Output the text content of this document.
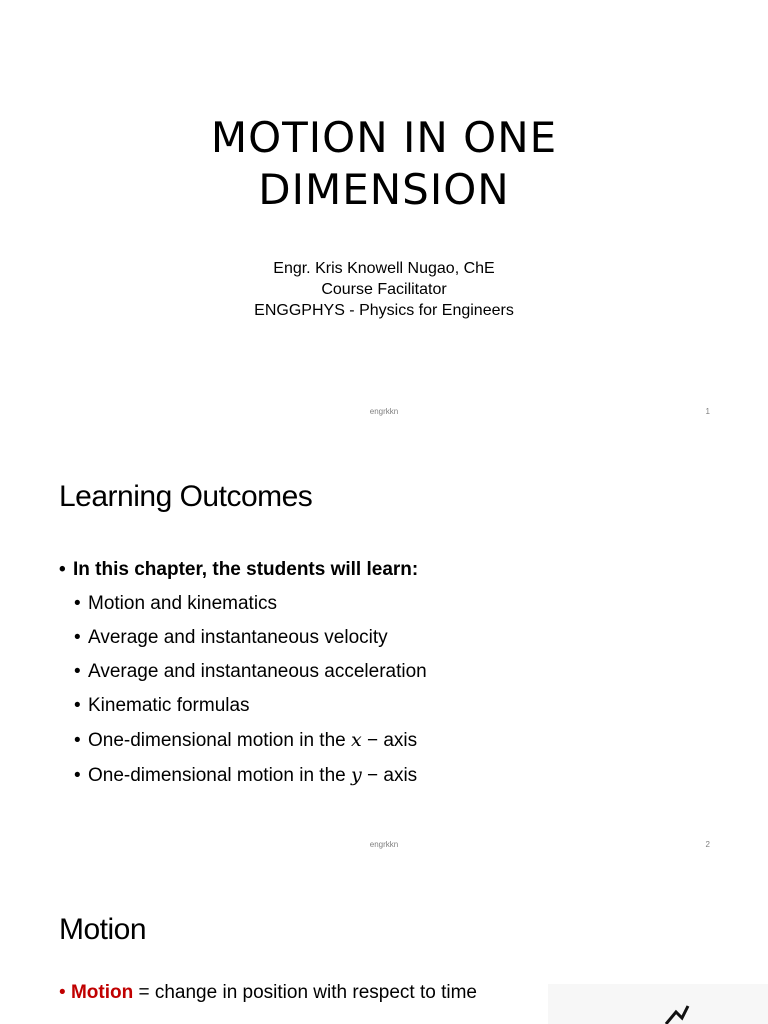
MOTION IN ONE
DIMENSION
Engr. Kris Knowell Nugao, ChE
Course Facilitator
ENGGPHYS - Physics for Engineers
engrkkn	1
Learning Outcomes
• In this chapter, the students will learn:
• Motion and kinematics
• Average and instantaneous velocity
• Average and instantaneous acceleration
• Kinematic formulas
• One-dimensional motion in the x − axis
• One-dimensional motion in the y − axis
engrkkn	2
Motion
• Motion = change in position with respect to time
